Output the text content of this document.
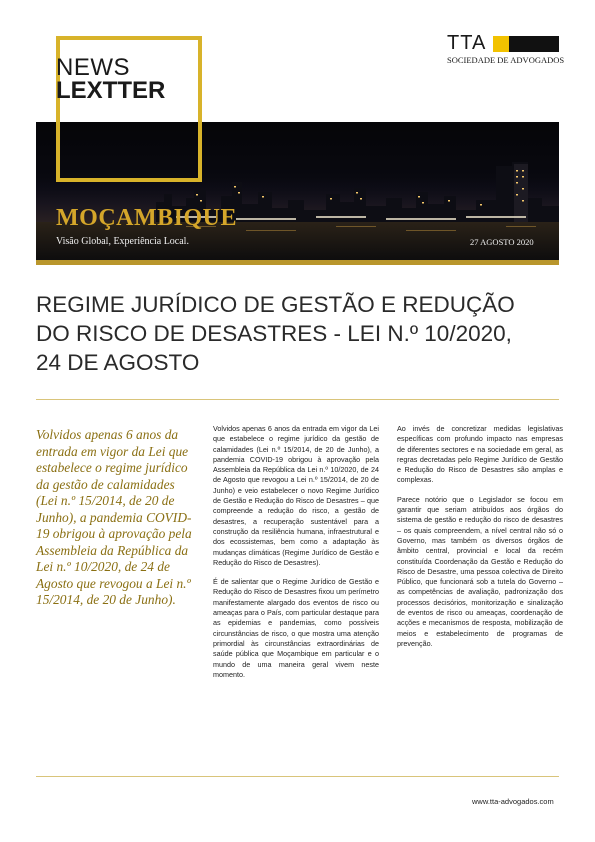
NEWS
LEXTTER
TTA
SOCIEDADE DE ADVOGADOS
MOÇAMBIQUE
Visão Global, Experiência Local.	27 AGOSTO 2020
REGIME JURÍDICO DE GESTÃO E REDUÇÃO
DO RISCO DE DESASTRES - LEI N.º 10/2020,
24 DE AGOSTO
Volvidos apenas 6 anos da entrada em vigor da Lei que estabelece o regime jurídico da gestão de calamidades (Lei n.º 15/2014, de 20 de Junho), a pandemia COVID-19 obrigou à aprovação pela Assembleia da República da Lei n.º 10/2020, de 24 de Agosto que revogou a Lei n.º 15/2014, de 20 de Junho).

Volvidos apenas 6 anos da entrada em vigor da Lei que estabelece o regime jurídico da gestão de calamidades (Lei n.º 15/2014, de 20 de Junho), a pandemia COVID-19 obrigou à aprovação pela Assembleia da República da Lei n.º 10/2020, de 24 de Agosto que revogou a Lei n.º 15/2014, de 20 de Junho) e veio estabelecer o novo Regime Jurídico de Gestão e Redução do Risco de Desastres – que compreende a redução do risco, a gestão de desastres, a recuperação sustentável para a construção da resiliência humana, infraestrutural e dos ecossistemas, bem como a adaptação às mudanças climáticas (Regime Jurídico de Gestão e Redução do Risco de Desastres).

É de salientar que o Regime Jurídico de Gestão e Redução do Risco de Desastres fixou um perímetro manifestamente alargado dos eventos de risco ou ameaças para o País, com particular destaque para as epidemias e pandemias, como possíveis circunstâncias de risco, o que mostra uma atenção primordial às circunstâncias extraordinárias de saúde pública que Moçambique em particular e o mundo de uma maneira geral vivem neste momento.

Ao invés de concretizar medidas legislativas específicas com profundo impacto nas empresas de diferentes sectores e na sociedade em geral, as regras decretadas pelo Regime Jurídico de Gestão e Redução do Risco de Desastres são amplas e complexas.

Parece notório que o Legislador se focou em garantir que seriam atribuídos aos órgãos do sistema de gestão e redução do risco de desastres – os quais compreendem, a nível central não só o Governo, mas também os diversos órgãos de âmbito central, provincial e local da recém constituída Coordenação da Gestão e Redução do Risco de Desastre, uma pessoa colectiva de Direito Público, que funcionará sob a tutela do Governo – as competências de avaliação, padronização dos processos decisórios, monitorização e sinalização de eventos de risco ou ameaças, coordenação de acções e mecanismos de resposta, mobilização de meios e estabelecimento de programas de prevenção.

www.tta-advogados.com
